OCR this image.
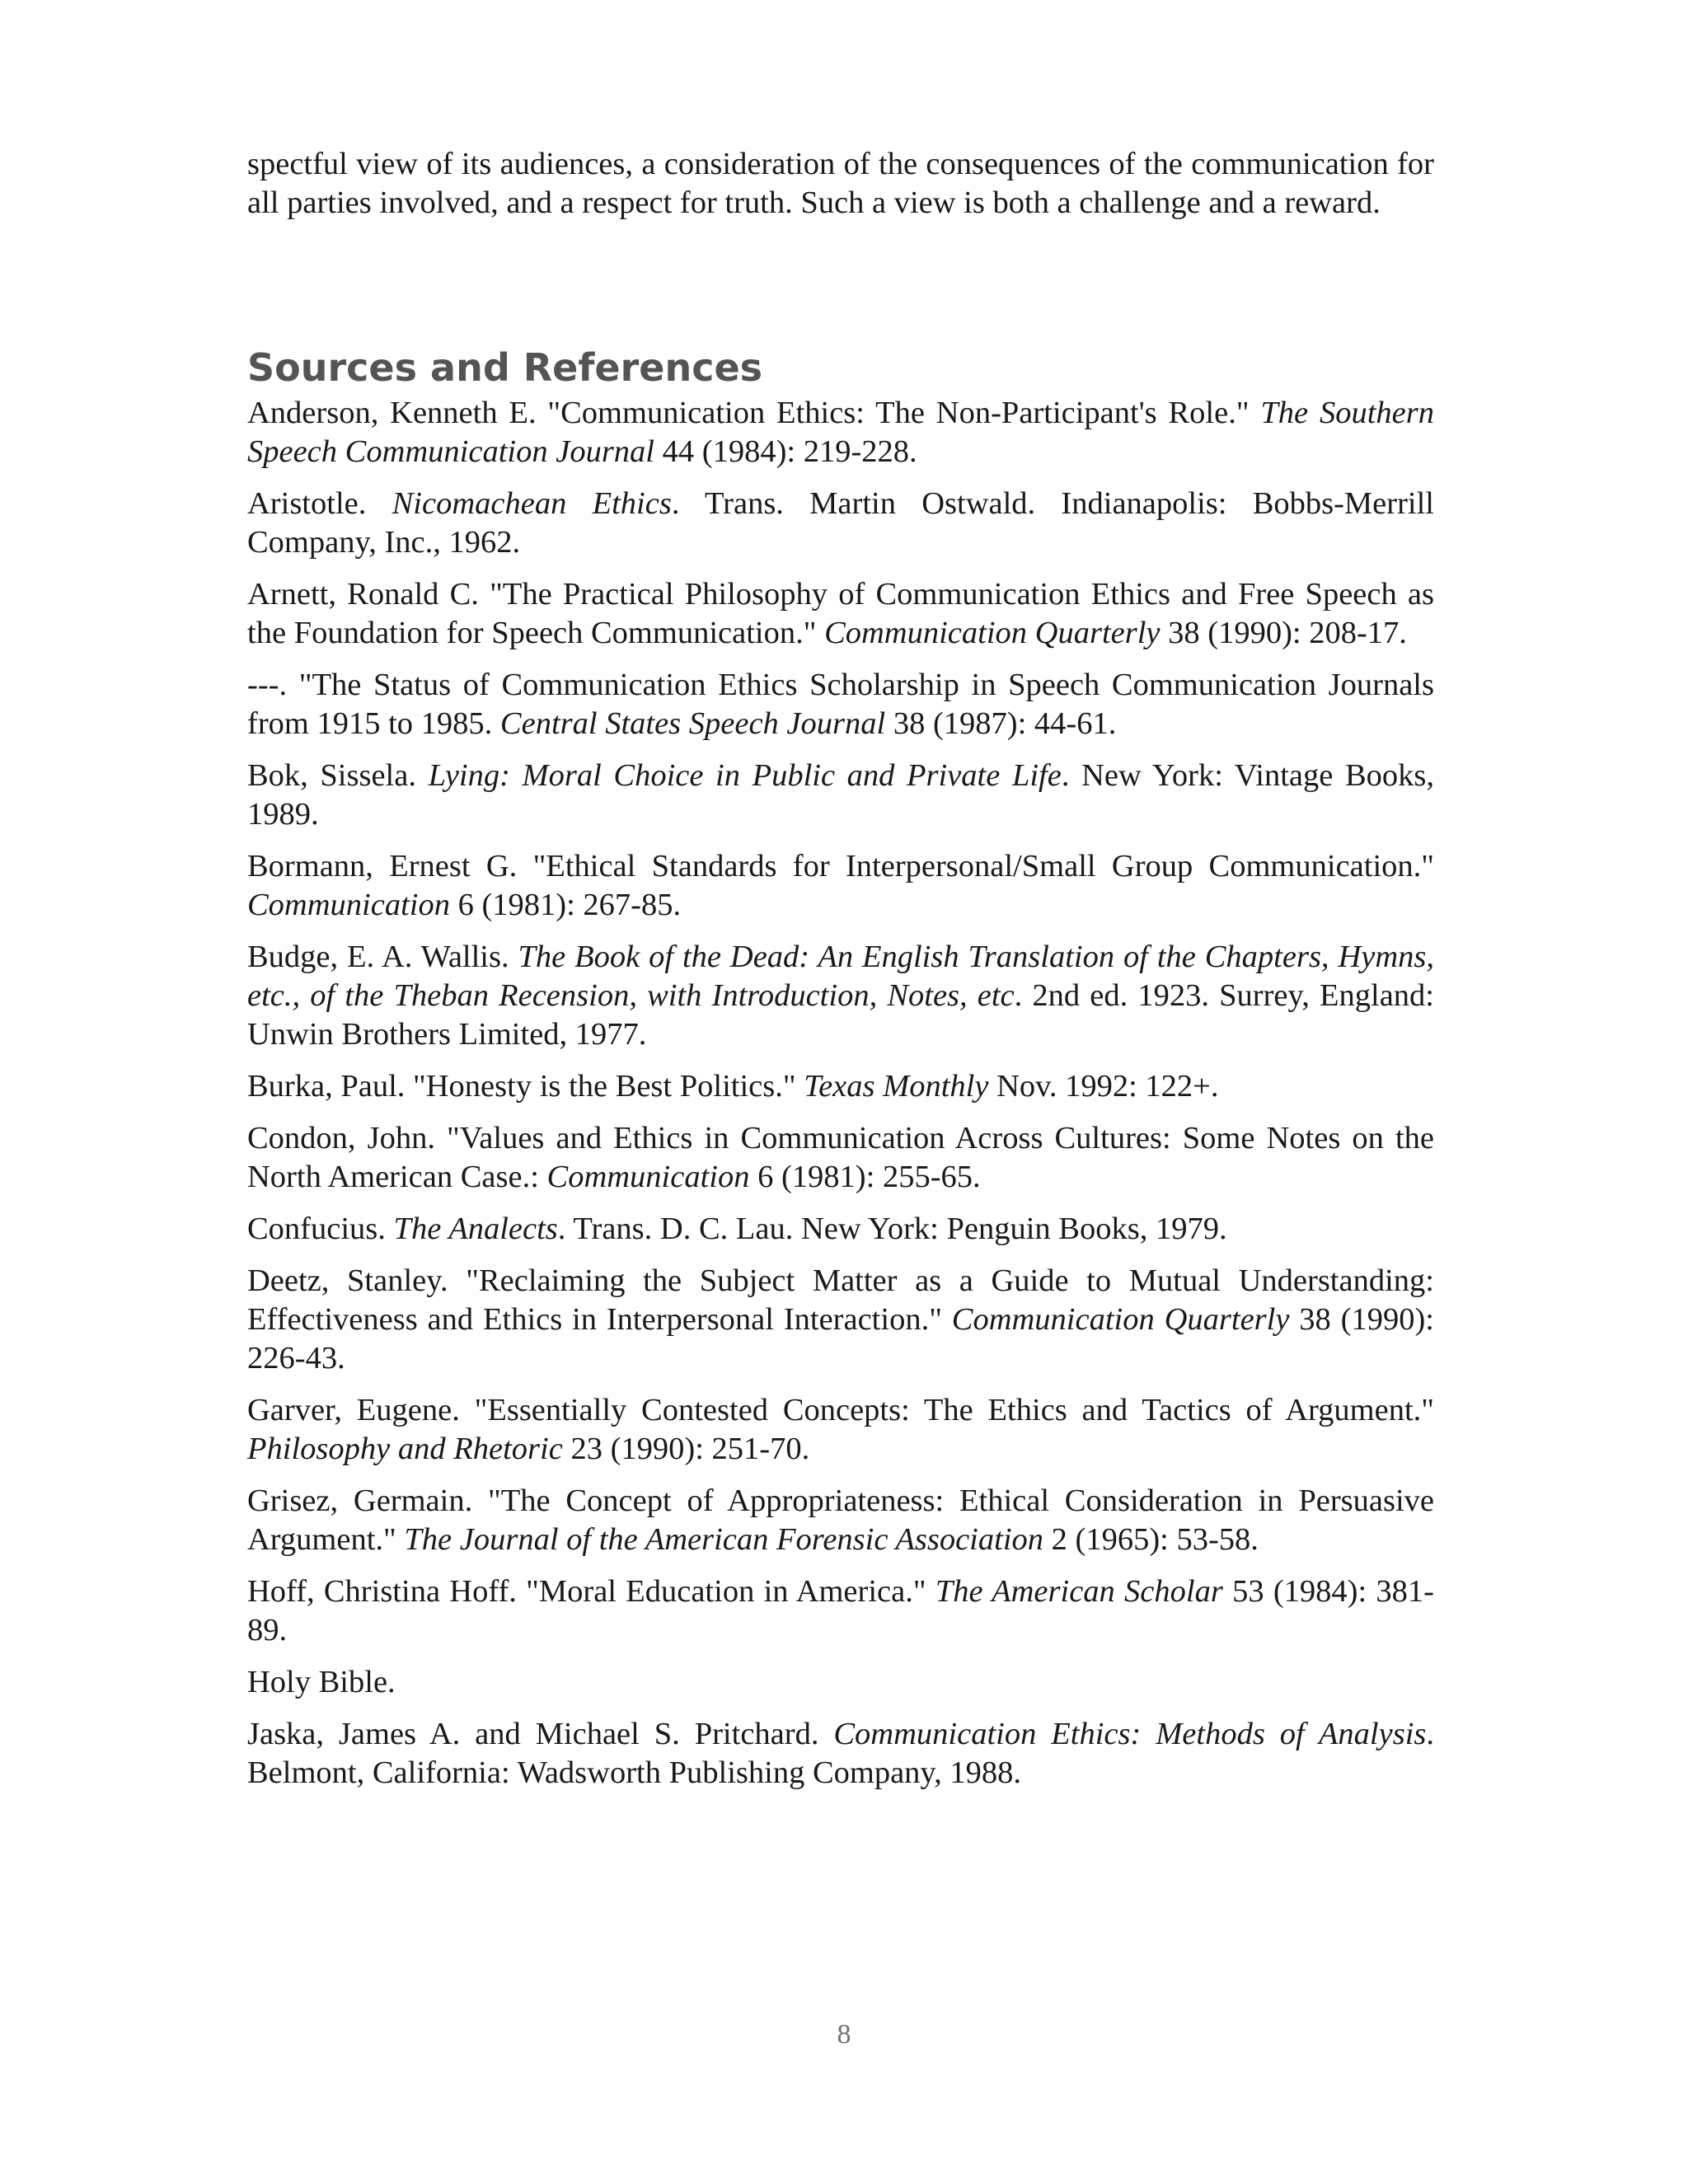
spectful view of its audiences, a consideration of the consequences of the communication for all parties involved, and a respect for truth. Such a view is both a challenge and a reward.

Sources and References

Anderson, Kenneth E. "Communication Ethics: The Non-Participant's Role." The Southern Speech Communication Journal 44 (1984): 219-228.

Aristotle. Nicomachean Ethics. Trans. Martin Ostwald. Indianapolis: Bobbs-Merrill Company, Inc., 1962.

Arnett, Ronald C. "The Practical Philosophy of Communication Ethics and Free Speech as the Foundation for Speech Communication." Communication Quarterly 38 (1990): 208-17.

---. "The Status of Communication Ethics Scholarship in Speech Communication Journals from 1915 to 1985. Central States Speech Journal 38 (1987): 44-61.

Bok, Sissela. Lying: Moral Choice in Public and Private Life. New York: Vintage Books, 1989.

Bormann, Ernest G. "Ethical Standards for Interpersonal/Small Group Communication." Communication 6 (1981): 267-85.

Budge, E. A. Wallis. The Book of the Dead: An English Translation of the Chapters, Hymns, etc., of the Theban Recension, with Introduction, Notes, etc. 2nd ed. 1923. Surrey, England: Unwin Brothers Limited, 1977.

Burka, Paul. "Honesty is the Best Politics." Texas Monthly Nov. 1992: 122+.

Condon, John. "Values and Ethics in Communication Across Cultures: Some Notes on the North American Case.: Communication 6 (1981): 255-65.

Confucius. The Analects. Trans. D. C. Lau. New York: Penguin Books, 1979.

Deetz, Stanley. "Reclaiming the Subject Matter as a Guide to Mutual Understanding: Effectiveness and Ethics in Interpersonal Interaction." Communication Quarterly 38 (1990): 226-43.

Garver, Eugene. "Essentially Contested Concepts: The Ethics and Tactics of Argument." Philosophy and Rhetoric 23 (1990): 251-70.

Grisez, Germain. "The Concept of Appropriateness: Ethical Consideration in Persuasive Argument." The Journal of the American Forensic Association 2 (1965): 53-58.

Hoff, Christina Hoff. "Moral Education in America." The American Scholar 53 (1984): 381-89.

Holy Bible.

Jaska, James A. and Michael S. Pritchard. Communication Ethics: Methods of Analysis. Belmont, California: Wadsworth Publishing Company, 1988.

8
